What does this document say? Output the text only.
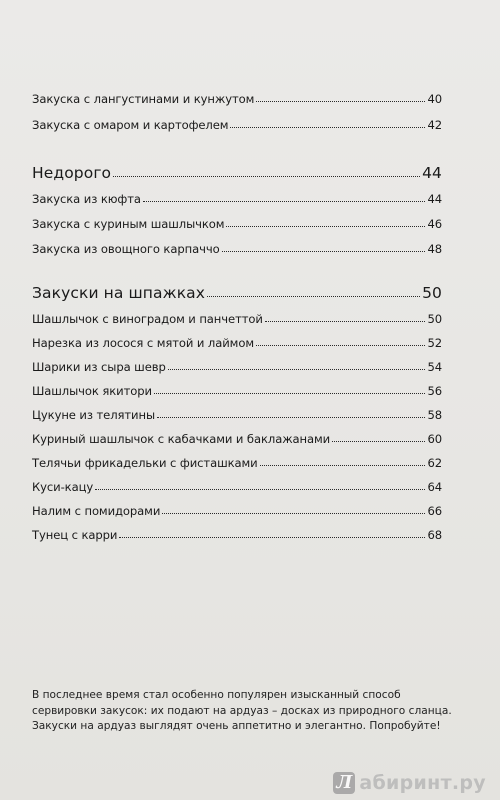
Закуска с лангустинами и кунжутом	40
Закуска с омаром и картофелем	42
Недорого	44
Закуска из кюфта	44
Закуска с куриным шашлычком	46
Закуска из овощного карпаччо	48
Закуски на шпажках	50
Шашлычок с виноградом и панчеттой	50
Нарезка из лосося с мятой и лаймом	52
Шарики из сыра шевр	54
Шашлычок якитори	56
Цукуне из телятины	58
Куриный шашлычок с кабачками и баклажанами	60
Телячьи фрикадельки с фисташками	62
Куси-кацу	64
Налим с помидорами	66
Тунец с карри	68

В последнее время стал особенно популярен изысканный способ сервировки закусок: их подают на ардуаз – досках из природного сланца. Закуски на ардуаз выглядят очень аппетитно и элегантно. Попробуйте!

Л абиринт.ру
